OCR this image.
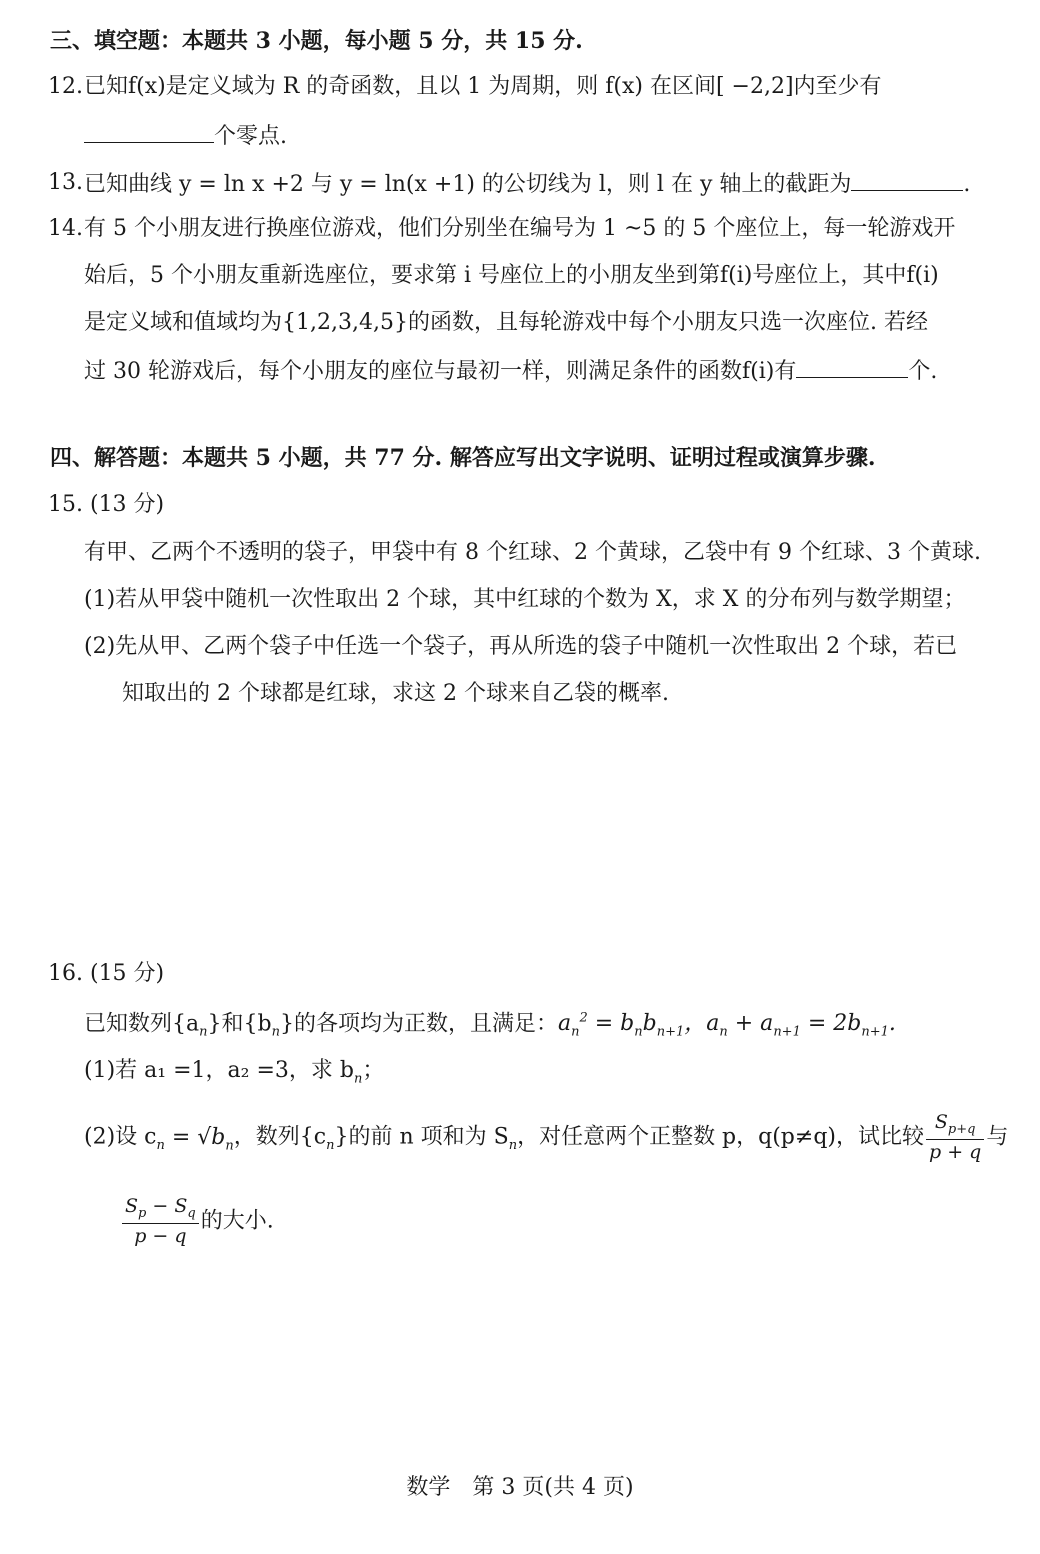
三、填空题：本题共 3 小题，每小题 5 分，共 15 分.
12. 已知f(x)是定义域为 R 的奇函数，且以 1 为周期，则 f(x) 在区间[ −2,2]内至少有
个零点.
13. 已知曲线 y = ln x +2 与 y = ln(x +1) 的公切线为 l，则 l 在 y 轴上的截距为	.
14. 有 5 个小朋友进行换座位游戏，他们分别坐在编号为 1 ~5 的 5 个座位上，每一轮游戏开
始后，5 个小朋友重新选座位，要求第 i 号座位上的小朋友坐到第f(i)号座位上，其中f(i)
是定义域和值域均为{1,2,3,4,5}的函数，且每轮游戏中每个小朋友只选一次座位. 若经
过 30 轮游戏后，每个小朋友的座位与最初一样，则满足条件的函数f(i)有	个.
四、解答题：本题共 5 小题，共 77 分. 解答应写出文字说明、证明过程或演算步骤.
15. (13 分)
有甲、乙两个不透明的袋子，甲袋中有 8 个红球、2 个黄球，乙袋中有 9 个红球、3 个黄球.
(1)若从甲袋中随机一次性取出 2 个球，其中红球的个数为 X，求 X 的分布列与数学期望；
(2)先从甲、乙两个袋子中任选一个袋子，再从所选的袋子中随机一次性取出 2 个球，若已
知取出的 2 个球都是红球，求这 2 个球来自乙袋的概率.
16. (15 分)
已知数列$\{a_n\}$和$\{b_n\}$的各项均为正数，且满足：$a_n^2 = b_nb_{n+1}$，$a_n + a_{n+1} = 2b_{n+1}$.
(1)若 a₁ =1，a₂ =3，求 $b_n$；
(2)设 $c_n = √b_n$，数列$\{c_n\}$的前 n 项和为 $S_n$，对任意两个正整数 p，q(p≠q)，试比较 $\frac{S_{p+q}}{p + q}$ 与
$\frac{S_p - S_q}{p - q}$ 的大小.
数学　第 3 页(共 4 页)
